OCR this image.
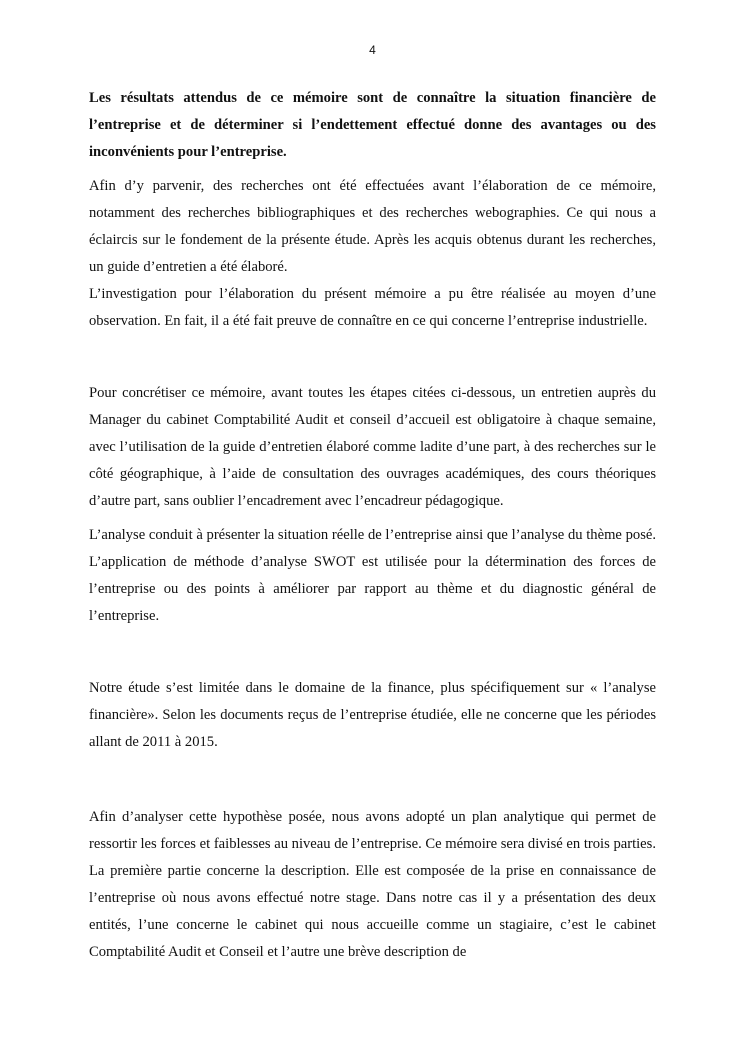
4

Les résultats attendus de ce mémoire sont de connaître la situation financière de l’entreprise et de déterminer si l’endettement effectué donne des avantages ou des inconvénients pour l’entreprise.

Afin d’y parvenir, des recherches ont été effectuées avant l’élaboration de ce mémoire, notamment des recherches bibliographiques et des recherches webographies. Ce qui nous a éclaircis sur le fondement de la présente étude. Après les acquis obtenus durant les recherches, un guide d’entretien a été élaboré.

L’investigation pour l’élaboration du présent mémoire a pu être réalisée au moyen d’une observation. En fait, il a été fait preuve de connaître en ce qui concerne l’entreprise industrielle.

Pour concrétiser ce mémoire, avant toutes les étapes citées ci-dessous, un entretien auprès du Manager du cabinet Comptabilité Audit et conseil d’accueil est obligatoire à chaque semaine, avec l’utilisation de la guide d’entretien élaboré comme ladite d’une part, à des recherches sur le côté géographique, à l’aide de consultation des ouvrages académiques, des cours théoriques d’autre part, sans oublier l’encadrement avec l’encadreur pédagogique.

L’analyse conduit à présenter la situation réelle de l’entreprise ainsi que l’analyse du thème posé. L’application de méthode d’analyse SWOT est utilisée pour la détermination des forces de l’entreprise ou des points à améliorer par rapport au thème et du diagnostic général de l’entreprise.

Notre étude s’est limitée dans le domaine de la finance, plus spécifiquement sur « l’analyse financière». Selon les documents reçus de l’entreprise étudiée, elle ne concerne que les périodes allant de 2011 à 2015.

Afin d’analyser cette hypothèse posée, nous avons adopté un plan analytique qui permet de ressortir les forces et faiblesses au niveau de l’entreprise. Ce mémoire sera divisé en trois parties. La première partie concerne la description. Elle est composée de la prise en connaissance de l’entreprise où nous avons effectué notre stage. Dans notre cas il y a présentation des deux entités, l’une concerne le cabinet qui nous accueille comme un stagiaire, c’est le cabinet Comptabilité Audit et Conseil et l’autre une brève description de
